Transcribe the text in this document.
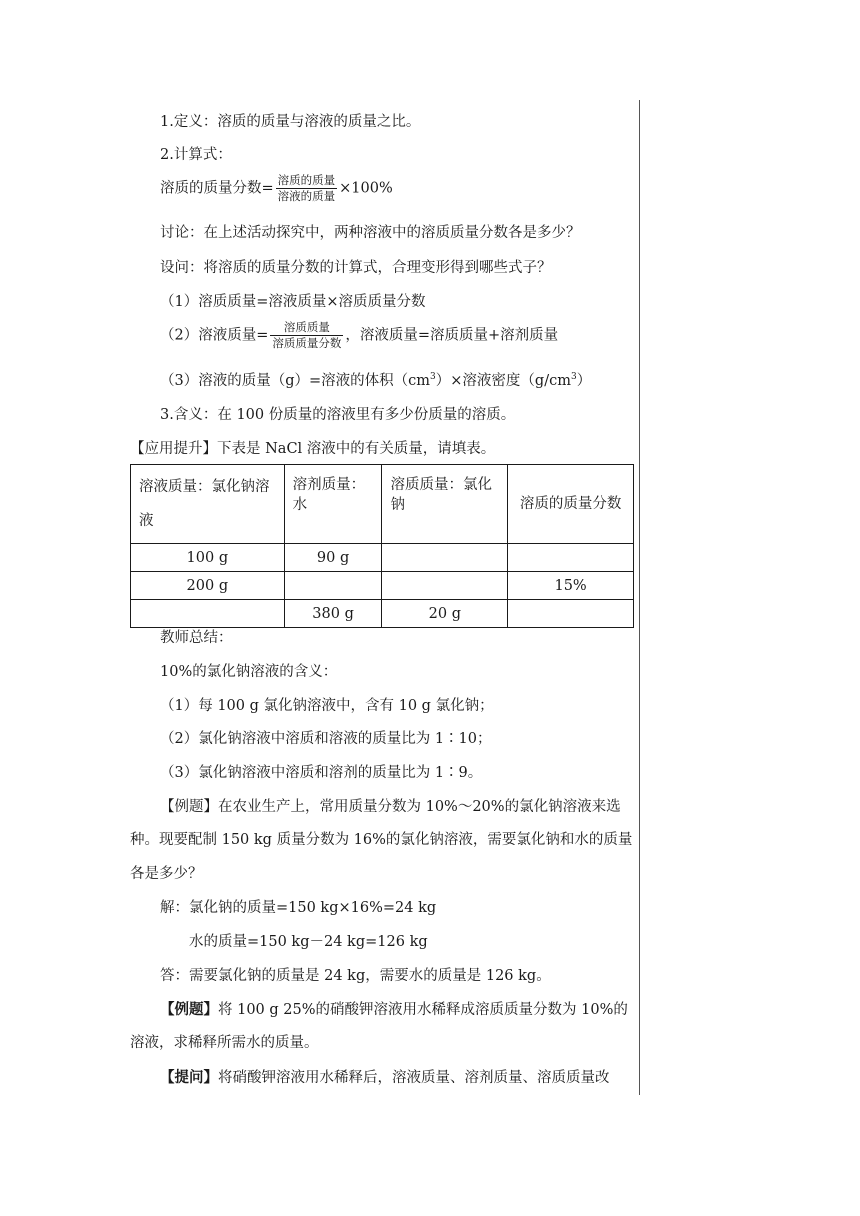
1.定义：溶质的质量与溶液的质量之比。
2.计算式：
溶质的质量分数= $\frac{\text{溶质的质量}}{\text{溶液的质量}} \times 100\%$
讨论：在上述活动探究中，两种溶液中的溶质质量分数各是多少？
设问：将溶质的质量分数的计算式，合理变形得到哪些式子？
（1）溶质质量=溶液质量×溶质质量分数
（2）溶液质量= $\frac{\text{溶质质量}}{\text{溶质质量分数}}$ ，溶液质量=溶质质量+溶剂质量
（3）溶液的质量（g）=溶液的体积$(cm^3)\times$溶液密度$(g/cm^3)$
3.含义：在 100 份质量的溶液里有多少份质量的溶质。
【应用提升】下表是 NaCl 溶液中的有关质量，请填表。
溶液质量：氯化钠溶液	溶剂质量：水	溶质质量：氯化钠	溶质的质量分数
100 g	90 g		
200 g			15%
	380 g	20 g	
教师总结：
10%的氯化钠溶液的含义：
（1）每 100 g 氯化钠溶液中，含有 10 g 氯化钠；
（2）氯化钠溶液中溶质和溶液的质量比为 1∶10；
（3）氯化钠溶液中溶质和溶剂的质量比为 1∶9。
【例题】在农业生产上，常用质量分数为 10%～20%的氯化钠溶液来选
种。现要配制 150 kg 质量分数为 16%的氯化钠溶液，需要氯化钠和水的质量
各是多少？
解：氯化钠的质量=150 kg×16%=24 kg
水的质量=150 kg－24 kg=126 kg
答：需要氯化钠的质量是 24 kg，需要水的质量是 126 kg。
【例题】将 100 g 25%的硝酸钾溶液用水稀释成溶质质量分数为 10%的
溶液，求稀释所需水的质量。
【提问】将硝酸钾溶液用水稀释后，溶液质量、溶剂质量、溶质质量改
